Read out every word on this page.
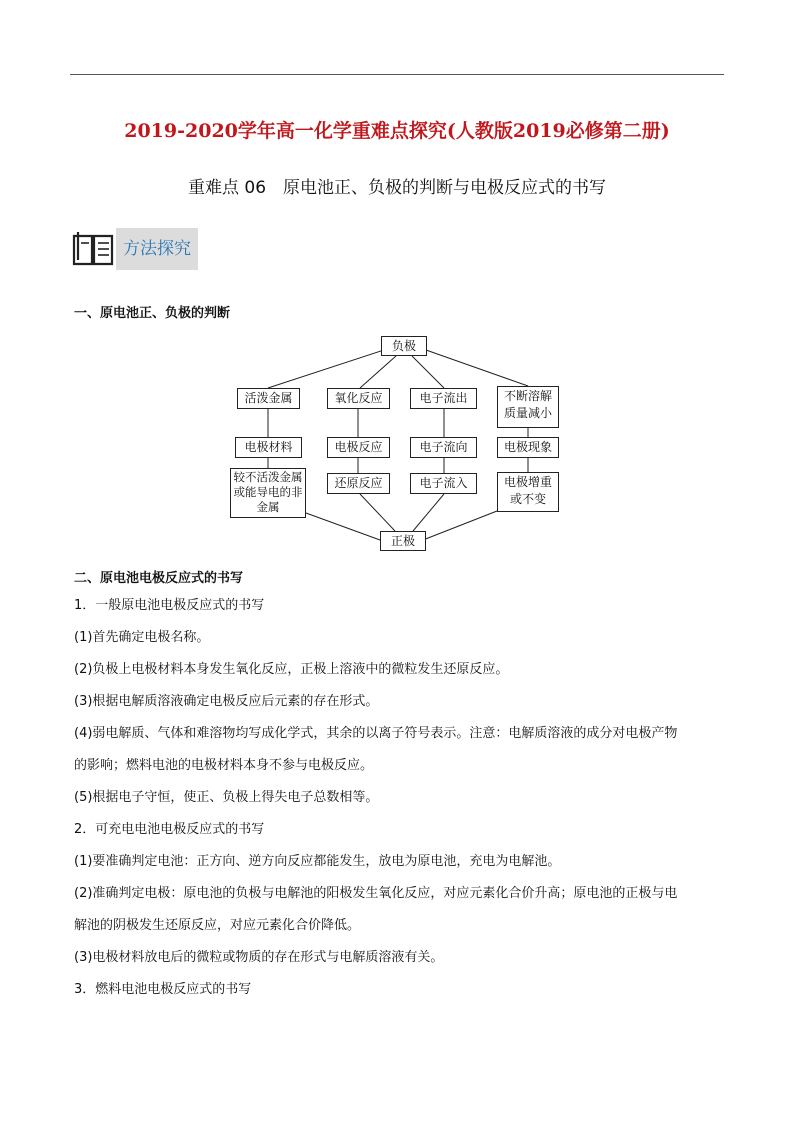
2019-2020学年高一化学重难点探究(人教版2019必修第二册)
重难点 06　原电池正、负极的判断与电极反应式的书写
方法探究
一、原电池正、负极的判断
负极
活泼金属	氧化反应	电子流出	不断溶解质量减小
电极材料	电极反应	电子流向	电极现象
较不活泼金属或能导电的非金属
还原反应	电子流入	电极增重或不变
正极
二、原电池电极反应式的书写
1．一般原电池电极反应式的书写
(1)首先确定电极名称。
(2)负极上电极材料本身发生氧化反应，正极上溶液中的微粒发生还原反应。
(3)根据电解质溶液确定电极反应后元素的存在形式。
(4)弱电解质、气体和难溶物均写成化学式，其余的以离子符号表示。注意：电解质溶液的成分对电极产物
的影响；燃料电池的电极材料本身不参与电极反应。
(5)根据电子守恒，使正、负极上得失电子总数相等。
2．可充电电池电极反应式的书写
(1)要准确判定电池：正方向、逆方向反应都能发生，放电为原电池，充电为电解池。
(2)准确判定电极：原电池的负极与电解池的阳极发生氧化反应，对应元素化合价升高；原电池的正极与电
解池的阴极发生还原反应，对应元素化合价降低。
(3)电极材料放电后的微粒或物质的存在形式与电解质溶液有关。
3．燃料电池电极反应式的书写
